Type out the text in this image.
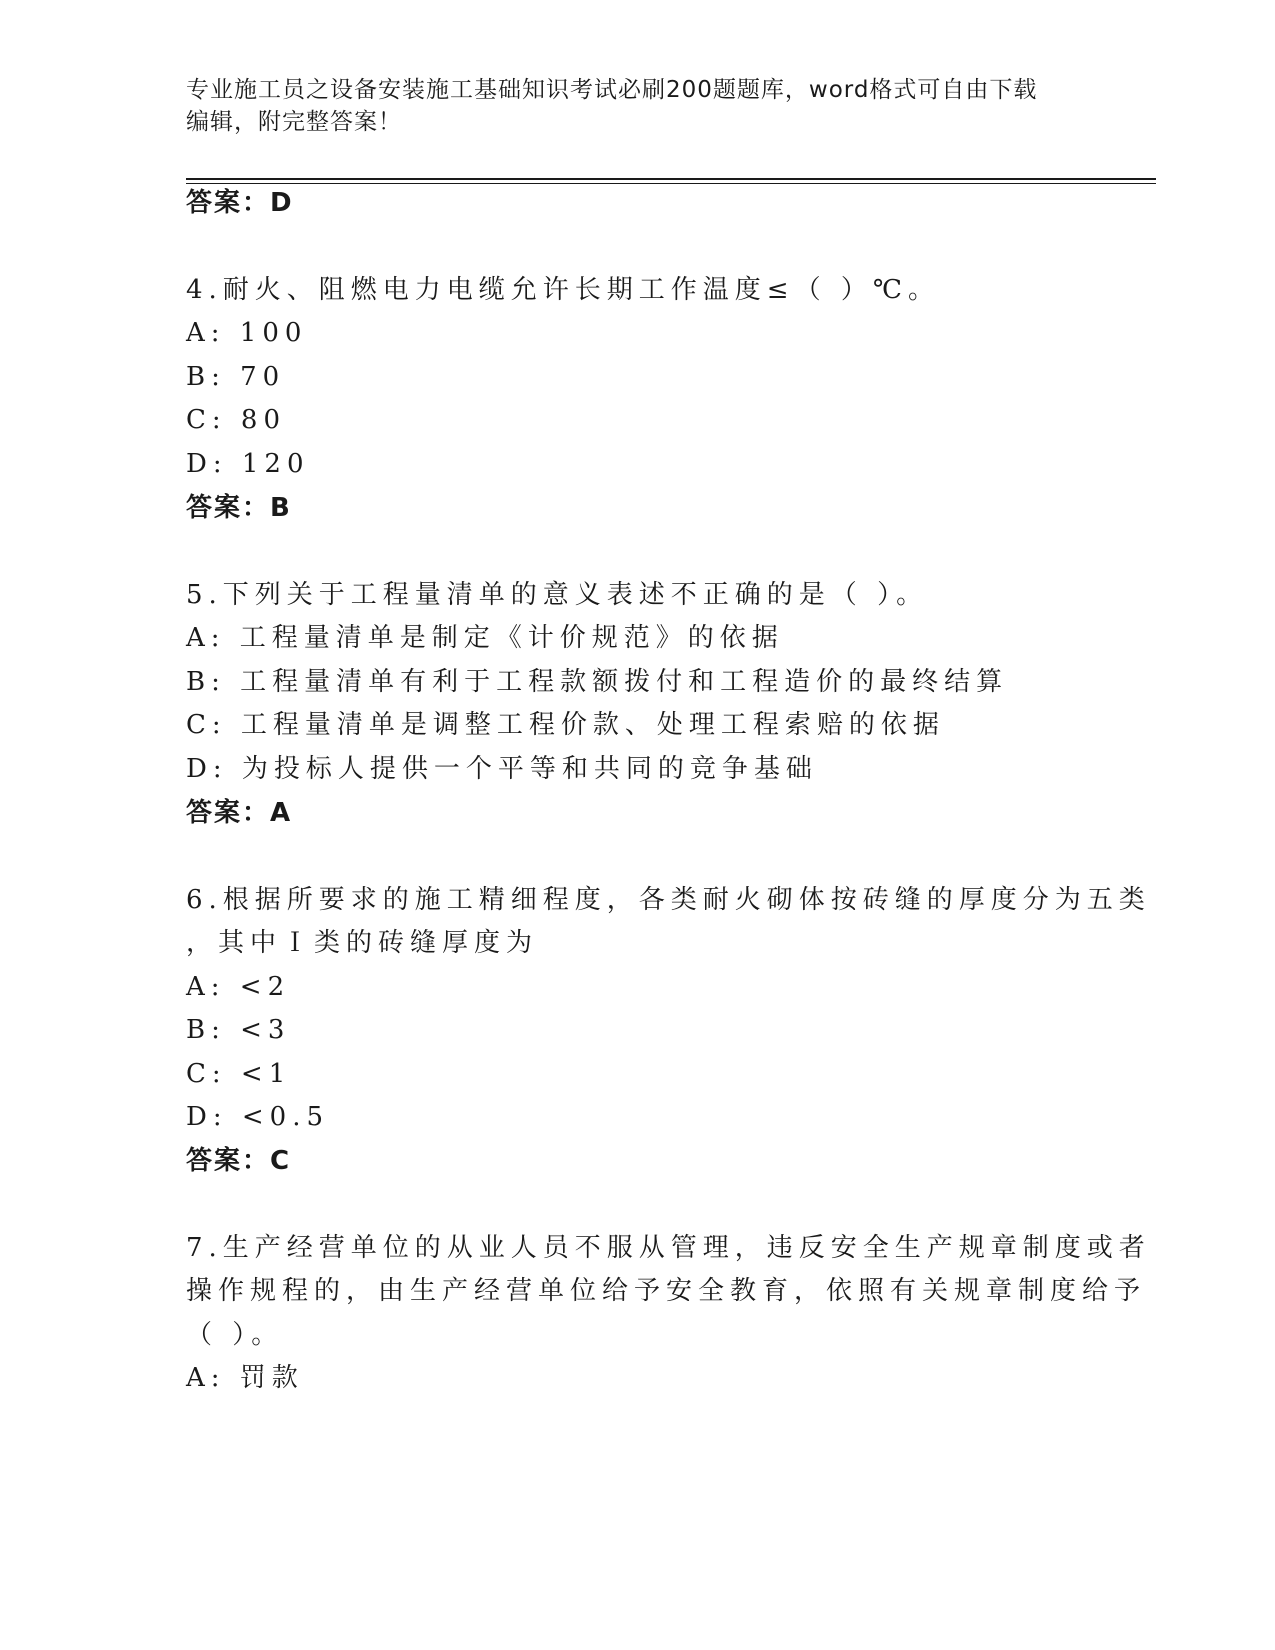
专业施工员之设备安装施工基础知识考试必刷200题题库，word格式可自由下载
编辑，附完整答案！

答案：D
4.耐火、阻燃电力电缆允许长期工作温度≤（ ）℃。
A: 100
B: 70
C: 80
D: 120
答案：B
5.下列关于工程量清单的意义表述不正确的是（ ）。
A: 工程量清单是制定《计价规范》的依据
B: 工程量清单有利于工程款额拨付和工程造价的最终结算
C: 工程量清单是调整工程价款、处理工程索赔的依据
D: 为投标人提供一个平等和共同的竞争基础
答案：A
6.根据所要求的施工精细程度，各类耐火砌体按砖缝的厚度分为五类
，其中Ｉ类的砖缝厚度为
A: <2
B: <3
C: <1
D: <0.5
答案：C
7.生产经营单位的从业人员不服从管理，违反安全生产规章制度或者
操作规程的，由生产经营单位给予安全教育，依照有关规章制度给予
（ ）。
A: 罚款
